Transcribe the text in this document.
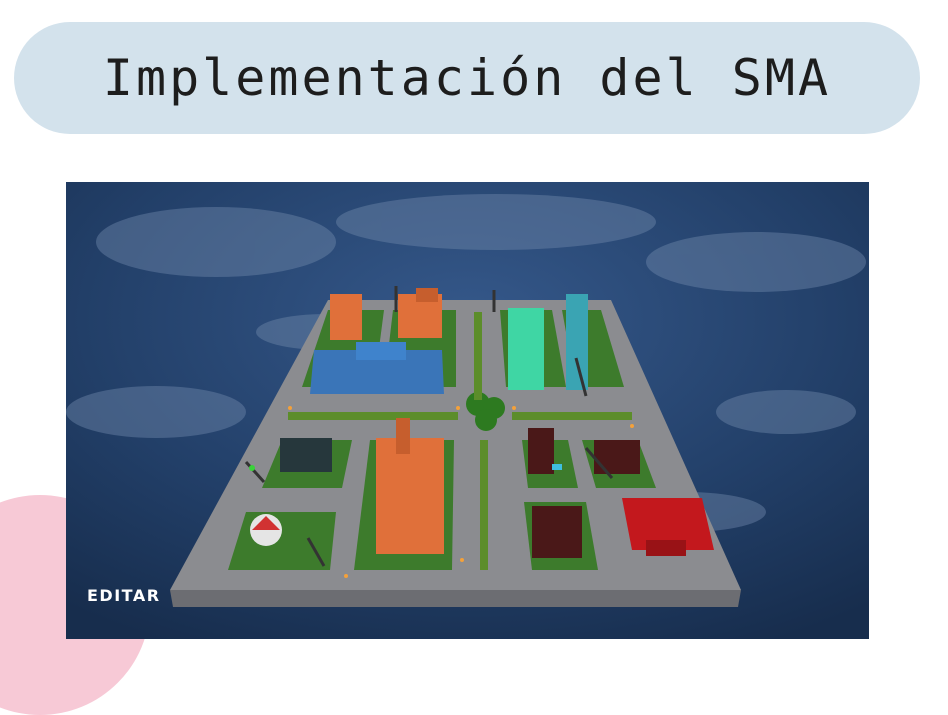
Implementación del SMA
EDITAR
